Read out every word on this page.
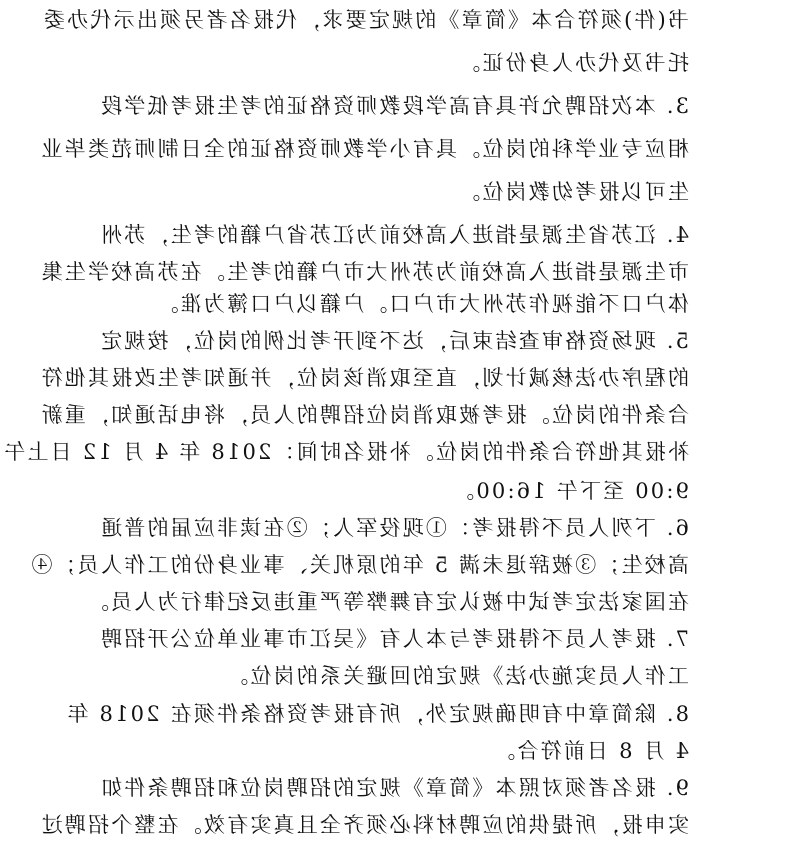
书(件)须符合本《简章》的规定要求，代报名者另须出示代办委
托书及代办人身份证。
3. 本次招聘允许具有高学段教师资格证的考生报考低学段
相应专业学科的岗位。具有小学教师资格证的全日制师范类毕业
生可以报考幼教岗位。
4. 江苏省生源是指进入高校前为江苏省户籍的考生，苏州
市生源是指进入高校前为苏州大市户籍的考生。在苏高校学生集
体户口不能视作苏州大市户口。户籍以户口簿为准。
5. 现场资格审查结束后，达不到开考比例的岗位，按规定
的程序办法核减计划，直至取消该岗位，并通知考生改报其他符
合条件的岗位。报考被取消岗位招聘的人员，将电话通知，重新
补报其他符合条件的岗位。补报名时间：2018 年 4 月 12 日上午
9:00 至下午 16:00。
6. 下列人员不得报考：①现役军人；②在读非应届的普通
高校生；③被辞退未满 5 年的原机关、事业身份的工作人员；④
在国家法定考试中被认定有舞弊等严重违反纪律行为人员。
7. 报考人员不得报考与本人有《吴江市事业单位公开招聘
工作人员实施办法》规定的回避关系的岗位。
8. 除简章中有明确规定外，所有报考资格条件须在 2018 年
4 月 8 日前符合。
9. 报名者须对照本《简章》规定的招聘岗位和招聘条件如
实申报，所提供的应聘材料必须齐全且真实有效。在整个招聘过
